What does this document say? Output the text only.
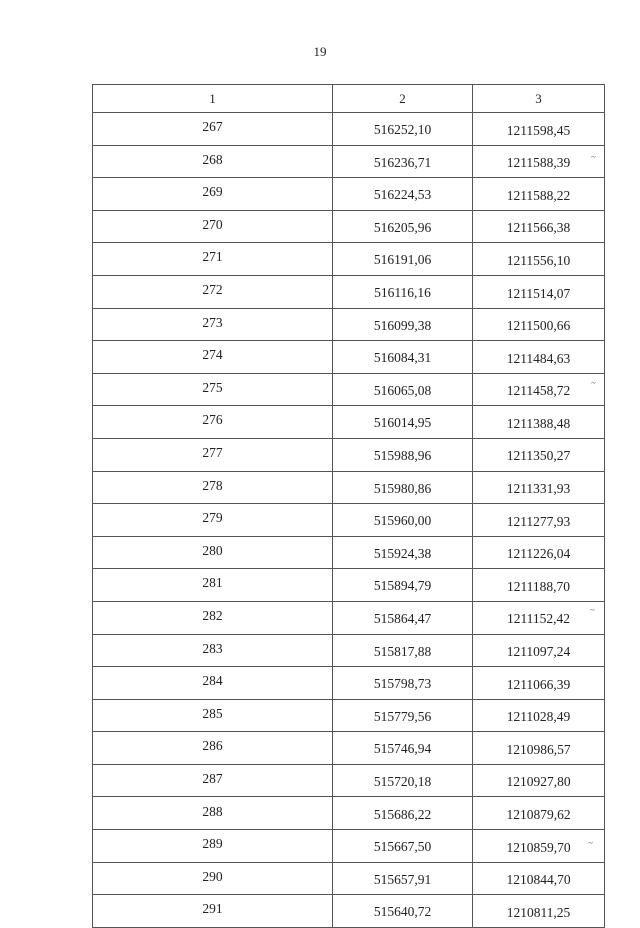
19
1	2	3
267	516252,10	1211598,45
268	516236,71	1211588,39
269	516224,53	1211588,22
270	516205,96	1211566,38
271	516191,06	1211556,10
272	516116,16	1211514,07
273	516099,38	1211500,66
274	516084,31	1211484,63
275	516065,08	1211458,72
276	516014,95	1211388,48
277	515988,96	1211350,27
278	515980,86	1211331,93
279	515960,00	1211277,93
280	515924,38	1211226,04
281	515894,79	1211188,70
282	515864,47	1211152,42
283	515817,88	1211097,24
284	515798,73	1211066,39
285	515779,56	1211028,49
286	515746,94	1210986,57
287	515720,18	1210927,80
288	515686,22	1210879,62
289	515667,50	1210859,70
290	515657,91	1210844,70
291	515640,72	1210811,25
~
~
~
~
